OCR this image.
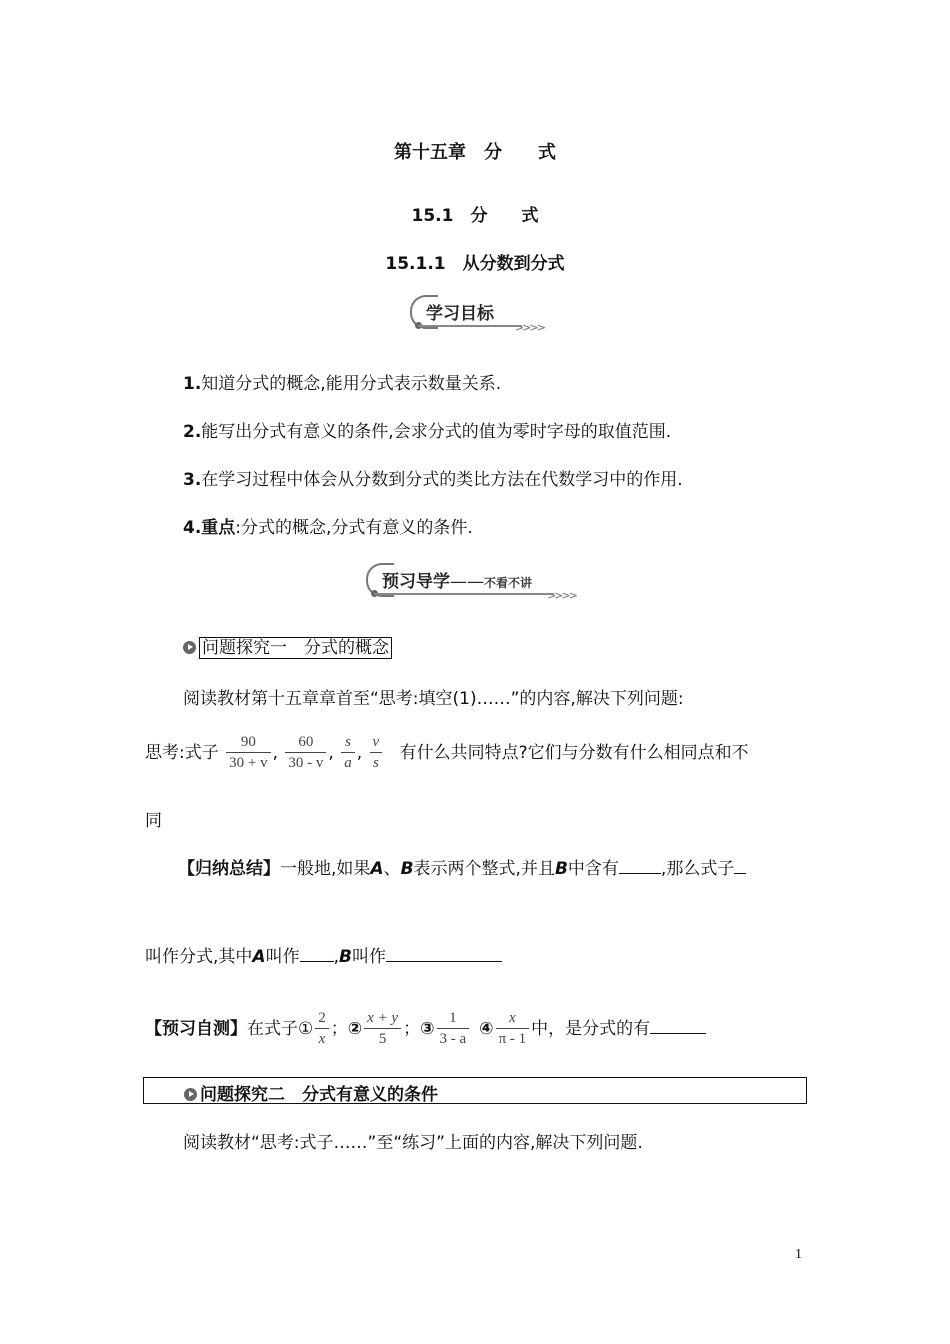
第十五章　分　　式
15.1　分　　式
15.1.1　从分数到分式
学习目标
>>>>
1.知道分式的概念,能用分式表示数量关系.
2.能写出分式有意义的条件,会求分式的值为零时字母的取值范围.
3.在学习过程中体会从分数到分式的类比方法在代数学习中的作用.
4.重点:分式的概念,分式有意义的条件.
预习导学——不看不讲
>>>>
问题探究一　分式的概念
阅读教材第十五章章首至“思考:填空(1)……”的内容,解决下列问题:
思考:式子 $\frac{90}{30 + v}$ , $\frac{60}{30 - v}$ , $\frac{s}{a}$ , $\frac{v}{s}$ 有什么共同特点?它们与分数有什么相同点和不
同
【归纳总结】一般地,如果A、B表示两个整式,并且B中含有 ,那么式子
叫作分式,其中A叫作 ,B叫作
【预习自测】在式子① $\frac{2}{x}$ ；② $\frac{x + y}{5}$ ；③ $\frac{1}{3 - a}$ ④ $\frac{x}{\pi - 1}$ 中，是分式的有
问题探究二　分式有意义的条件
阅读教材“思考:式子……”至“练习”上面的内容,解决下列问题.
1
